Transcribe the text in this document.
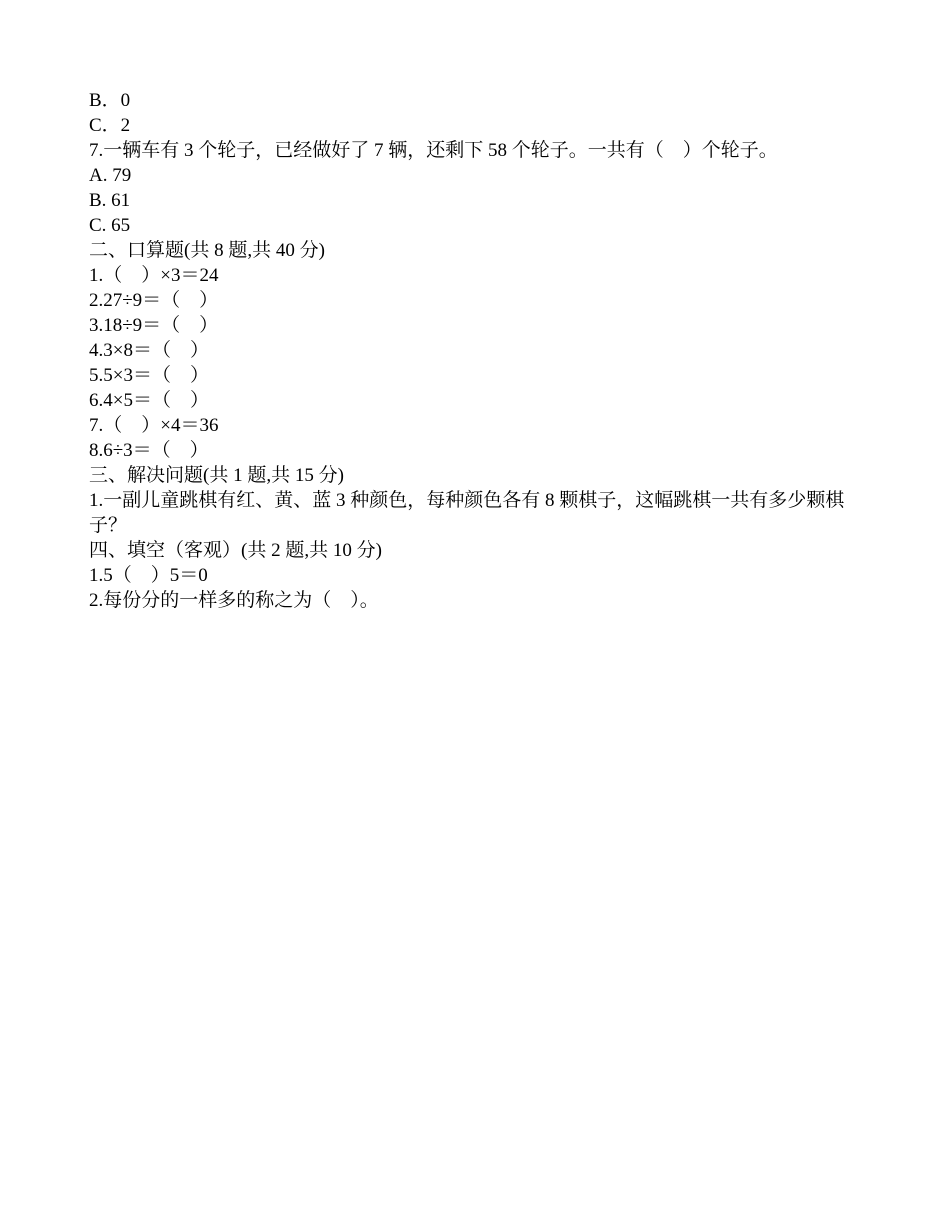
B．0

C．2

7.一辆车有 3 个轮子，已经做好了 7 辆，还剩下 58 个轮子。一共有（    ）个轮子。

A. 79

B. 61

C. 65

二、口算题(共 8 题,共 40 分)

1.（    ）×3＝24

2.27÷9＝（    ）

3.18÷9＝（    ）

4.3×8＝（    ）

5.5×3＝（    ）

6.4×5＝（    ）

7.（    ）×4＝36

8.6÷3＝（    ）

三、解决问题(共 1 题,共 15 分)

1.一副儿童跳棋有红、黄、蓝 3 种颜色，每种颜色各有 8 颗棋子，这幅跳棋一共有多少颗棋子？

四、填空（客观）(共 2 题,共 10 分)

1.5（    ）5＝0

2.每份分的一样多的称之为（    ）。
